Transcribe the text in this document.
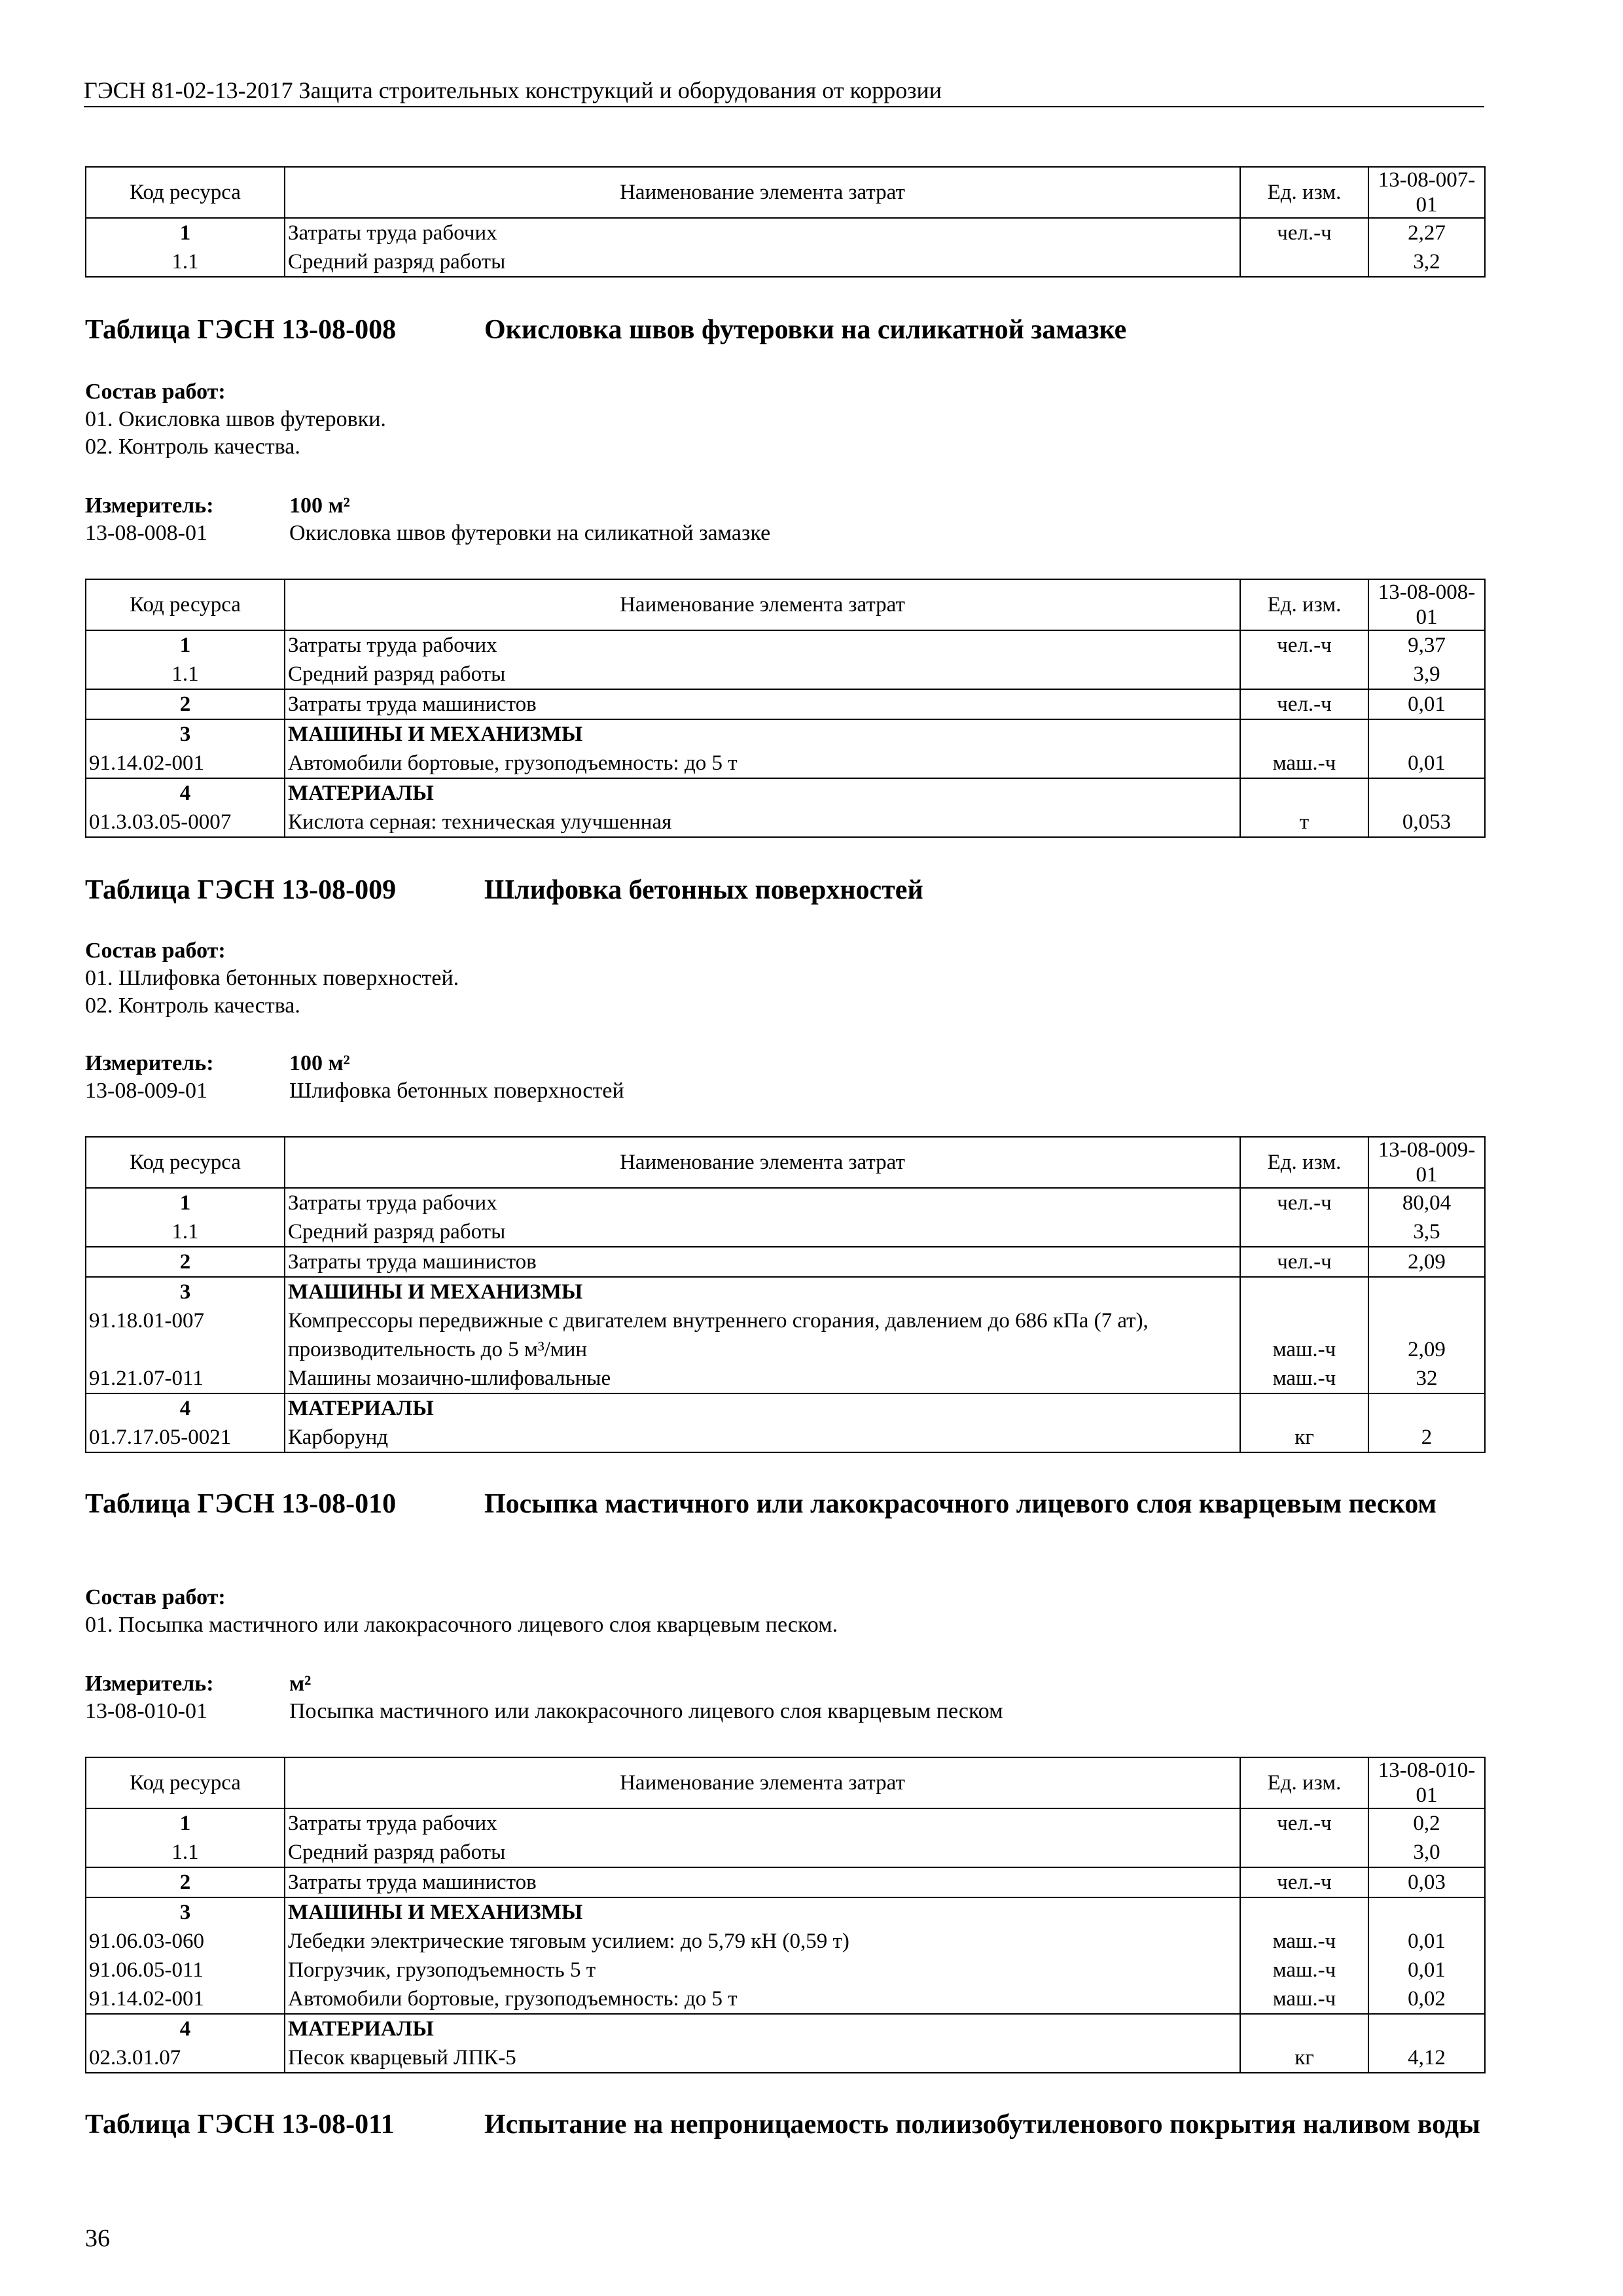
ГЭСН 81-02-13-2017 Защита строительных конструкций и оборудования от коррозии
Код ресурса	Наименование элемента затрат	Ед. изм.	13-08-007-01
1	Затраты труда рабочих	чел.-ч	2,27
1.1	Средний разряд работы		3,2
Таблица ГЭСН 13-08-008	Окисловка швов футеровки на силикатной замазке
Состав работ:
01. Окисловка швов футеровки.
02. Контроль качества.
Измеритель:	100 м²
13-08-008-01	Окисловка швов футеровки на силикатной замазке
Код ресурса	Наименование элемента затрат	Ед. изм.	13-08-008-01
1	Затраты труда рабочих	чел.-ч	9,37
1.1	Средний разряд работы		3,9
2	Затраты труда машинистов	чел.-ч	0,01
3	МАШИНЫ И МЕХАНИЗМЫ		
91.14.02-001	Автомобили бортовые, грузоподъемность: до 5 т	маш.-ч	0,01
4	МАТЕРИАЛЫ		
01.3.03.05-0007	Кислота серная: техническая улучшенная	т	0,053
Таблица ГЭСН 13-08-009	Шлифовка бетонных поверхностей
Состав работ:
01. Шлифовка бетонных поверхностей.
02. Контроль качества.
Измеритель:	100 м²
13-08-009-01	Шлифовка бетонных поверхностей
Код ресурса	Наименование элемента затрат	Ед. изм.	13-08-009-01
1	Затраты труда рабочих	чел.-ч	80,04
1.1	Средний разряд работы		3,5
2	Затраты труда машинистов	чел.-ч	2,09
3	МАШИНЫ И МЕХАНИЗМЫ		
91.18.01-007	Компрессоры передвижные с двигателем внутреннего сгорания, давлением до 686 кПа (7 ат), производительность до 5 м³/мин	маш.-ч	2,09
91.21.07-011	Машины мозаично-шлифовальные	маш.-ч	32
4	МАТЕРИАЛЫ		
01.7.17.05-0021	Карборунд	кг	2
Таблица ГЭСН 13-08-010	Посыпка мастичного или лакокрасочного лицевого слоя кварцевым песком
Состав работ:
01. Посыпка мастичного или лакокрасочного лицевого слоя кварцевым песком.
Измеритель:	м²
13-08-010-01	Посыпка мастичного или лакокрасочного лицевого слоя кварцевым песком
Код ресурса	Наименование элемента затрат	Ед. изм.	13-08-010-01
1	Затраты труда рабочих	чел.-ч	0,2
1.1	Средний разряд работы		3,0
2	Затраты труда машинистов	чел.-ч	0,03
3	МАШИНЫ И МЕХАНИЗМЫ		
91.06.03-060	Лебедки электрические тяговым усилием: до 5,79 кН (0,59 т)	маш.-ч	0,01
91.06.05-011	Погрузчик, грузоподъемность 5 т	маш.-ч	0,01
91.14.02-001	Автомобили бортовые, грузоподъемность: до 5 т	маш.-ч	0,02
4	МАТЕРИАЛЫ		
02.3.01.07	Песок кварцевый ЛПК-5	кг	4,12
Таблица ГЭСН 13-08-011	Испытание на непроницаемость полиизобутиленового покрытия наливом воды
36
